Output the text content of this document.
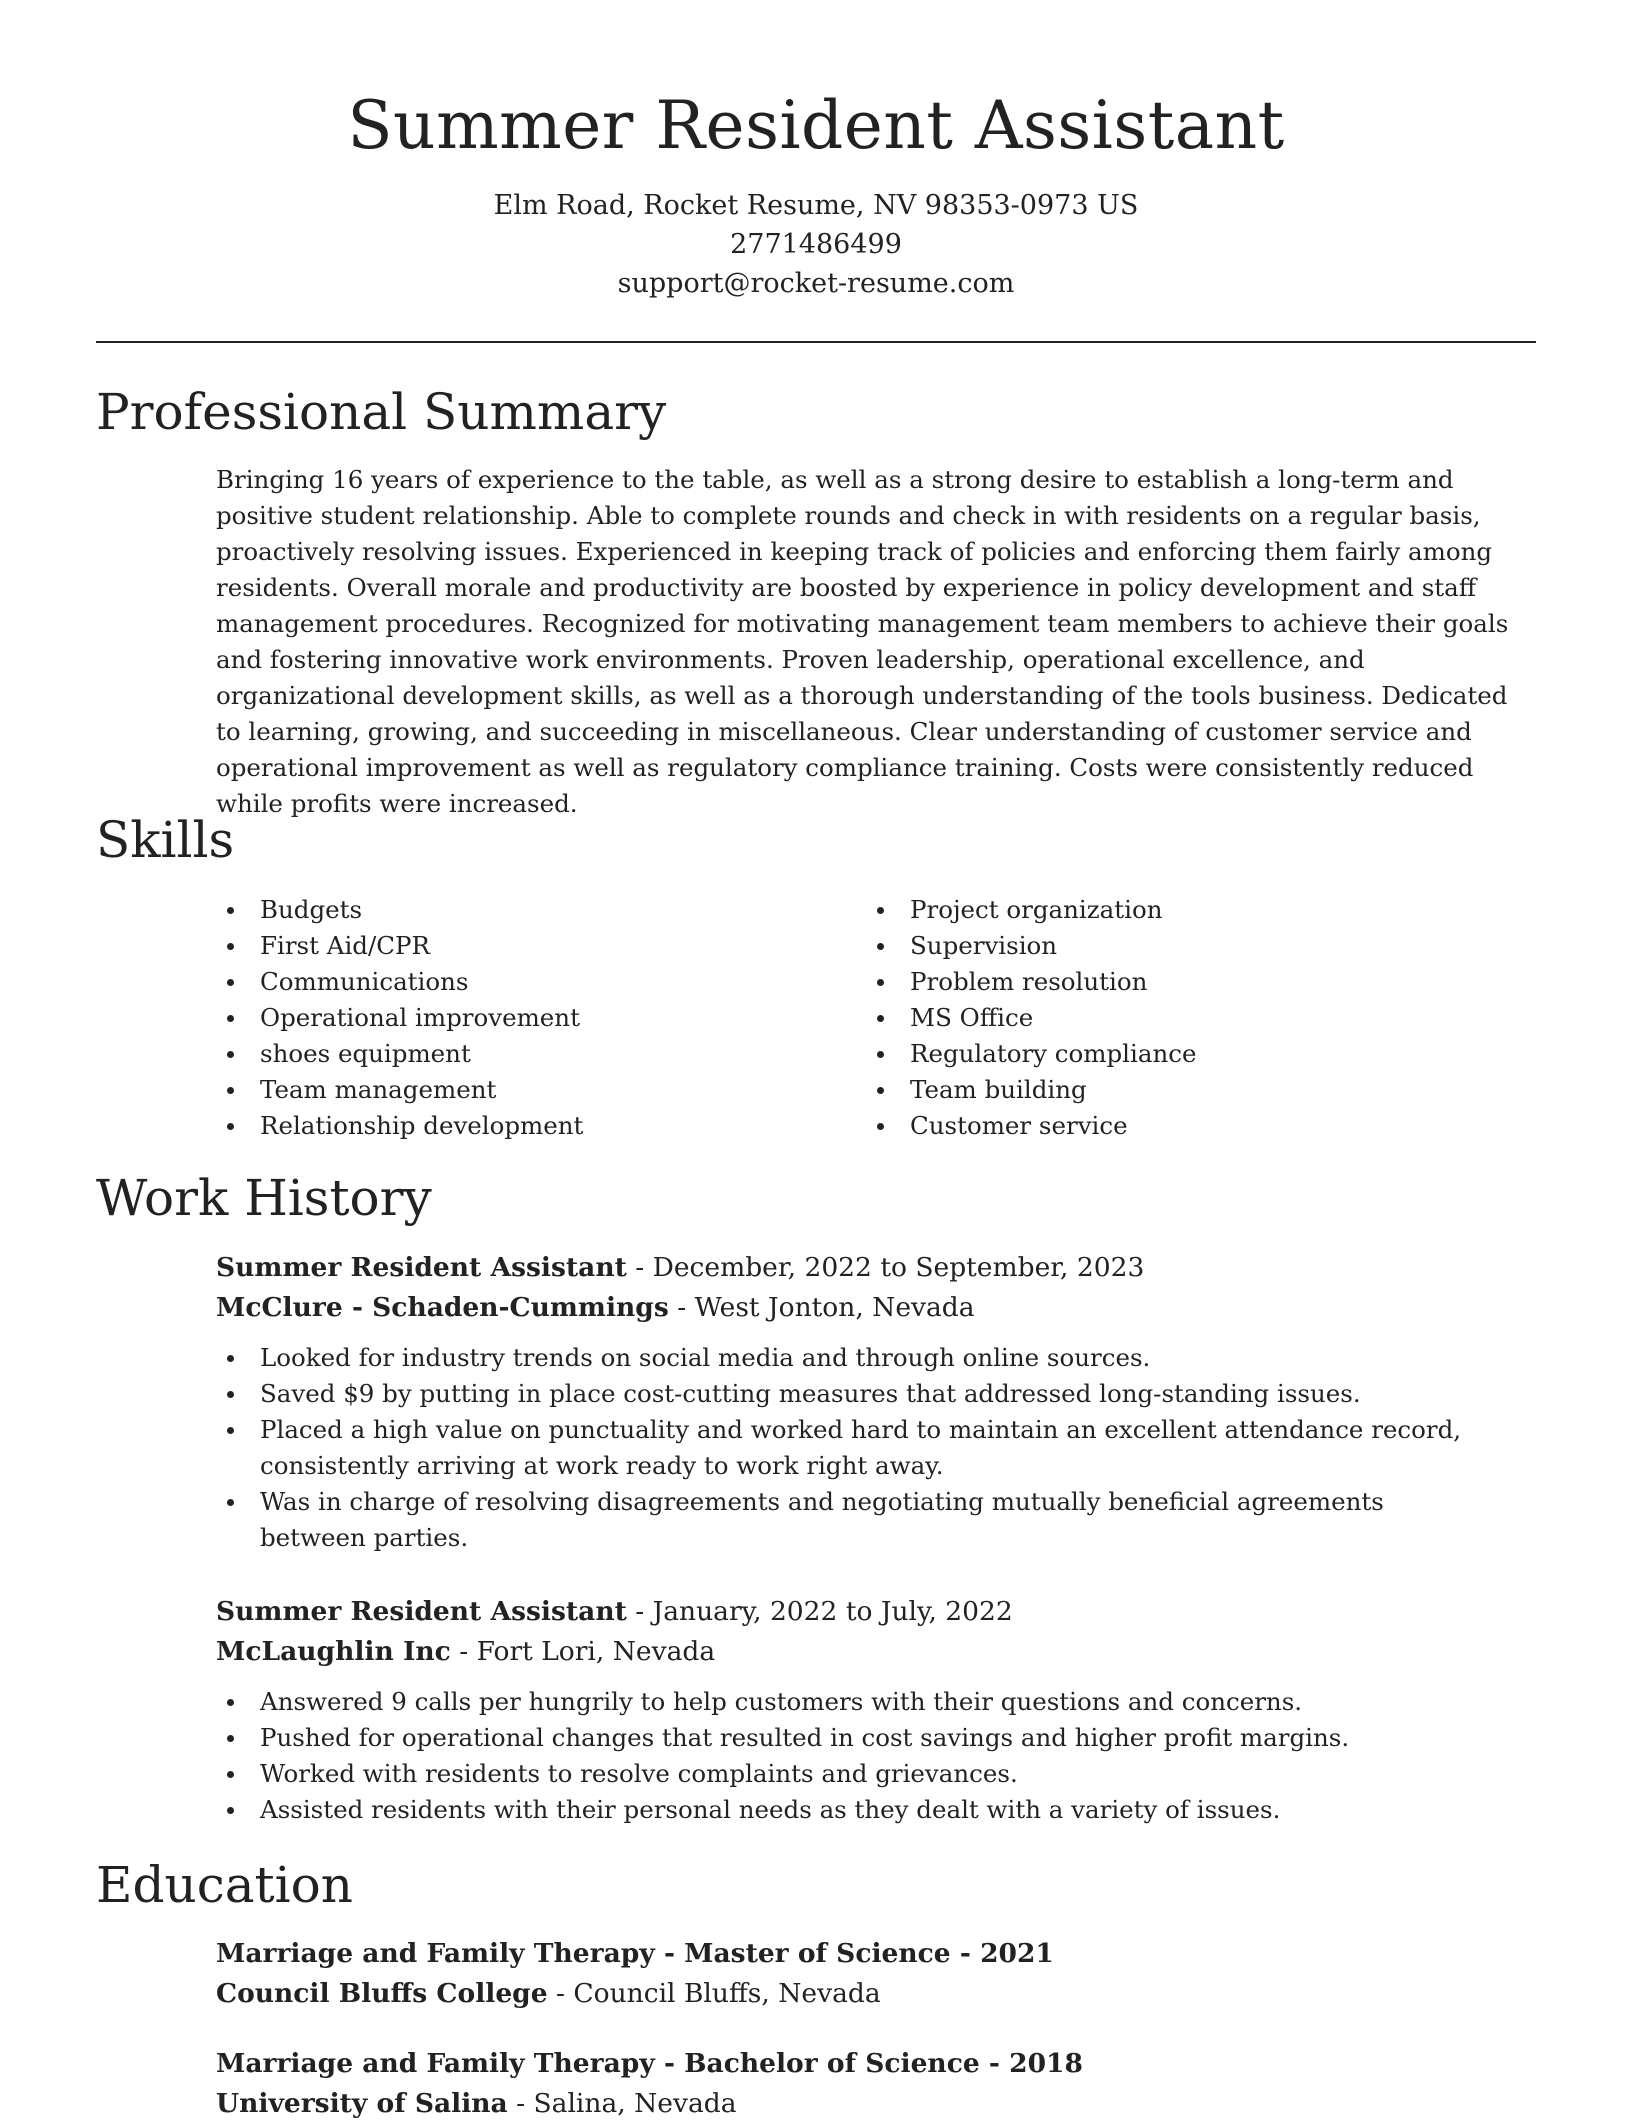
Summer Resident Assistant
Elm Road, Rocket Resume, NV 98353-0973 US
2771486499
support@rocket-resume.com
Professional Summary

Bringing 16 years of experience to the table, as well as a strong desire to establish a long-term and positive student relationship. Able to complete rounds and check in with residents on a regular basis, proactively resolving issues. Experienced in keeping track of policies and enforcing them fairly among residents. Overall morale and productivity are boosted by experience in policy development and staff management procedures. Recognized for motivating management team members to achieve their goals and fostering innovative work environments. Proven leadership, operational excellence, and organizational development skills, as well as a thorough understanding of the tools business. Dedicated to learning, growing, and succeeding in miscellaneous. Clear understanding of customer service and operational improvement as well as regulatory compliance training. Costs were consistently reduced while profits were increased.

Skills
Budgets
First Aid/CPR
Communications
Operational improvement
shoes equipment
Team management
Relationship development
Project organization
Supervision
Problem resolution
MS Office
Regulatory compliance
Team building
Customer service
Work History
Summer Resident Assistant - December, 2022 to September, 2023
McClure - Schaden-Cummings - West Jonton, Nevada
Looked for industry trends on social media and through online sources.
Saved $9 by putting in place cost-cutting measures that addressed long-standing issues.
Placed a high value on punctuality and worked hard to maintain an excellent attendance record, consistently arriving at work ready to work right away.
Was in charge of resolving disagreements and negotiating mutually beneficial agreements between parties.
Summer Resident Assistant - January, 2022 to July, 2022
McLaughlin Inc - Fort Lori, Nevada
Answered 9 calls per hungrily to help customers with their questions and concerns.
Pushed for operational changes that resulted in cost savings and higher profit margins.
Worked with residents to resolve complaints and grievances.
Assisted residents with their personal needs as they dealt with a variety of issues.
Education
Marriage and Family Therapy - Master of Science - 2021
Council Bluffs College - Council Bluffs, Nevada
Marriage and Family Therapy - Bachelor of Science - 2018
University of Salina - Salina, Nevada
